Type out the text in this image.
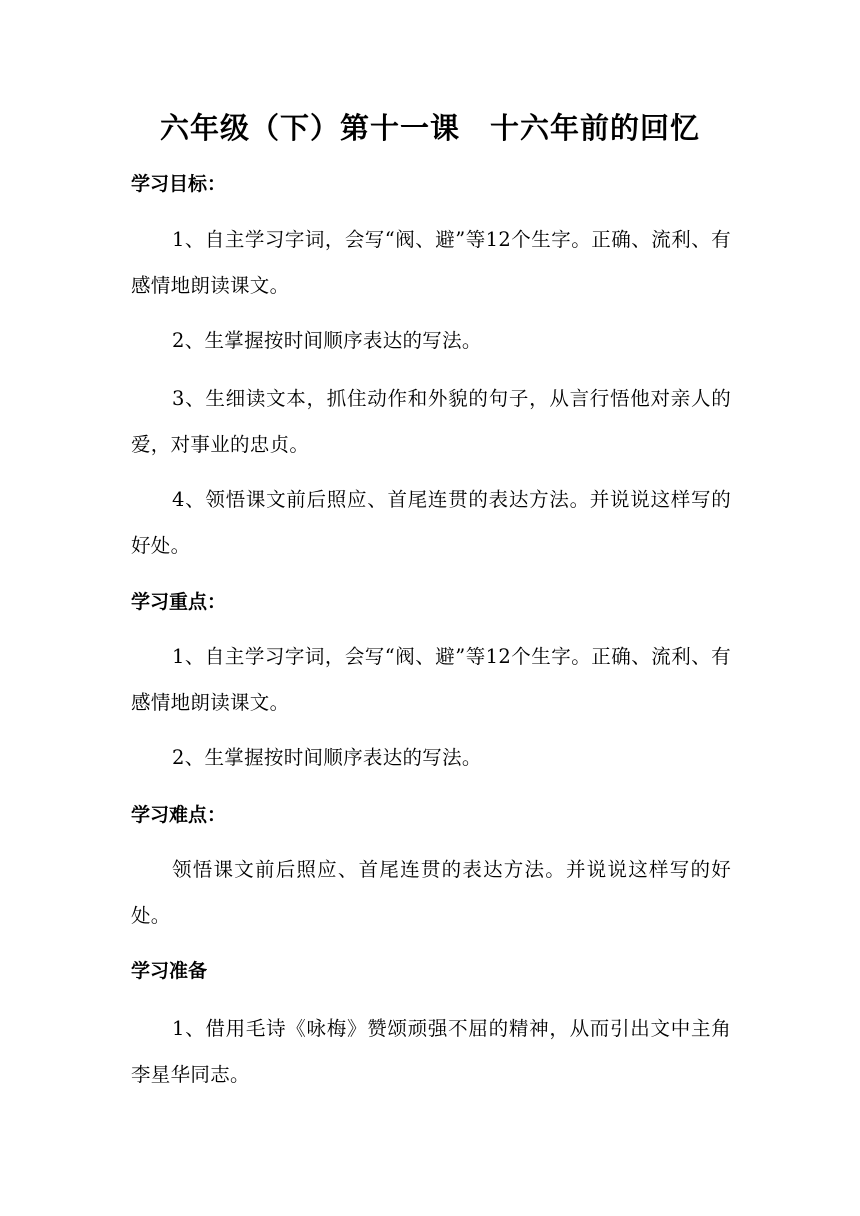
六年级（下）第十一课　十六年前的回忆
学习目标：
1、自主学习字词，会写“阀、避”等12个生字。正确、流利、有感情地朗读课文。
2、生掌握按时间顺序表达的写法。
3、生细读文本，抓住动作和外貌的句子，从言行悟他对亲人的爱，对事业的忠贞。
4、领悟课文前后照应、首尾连贯的表达方法。并说说这样写的好处。
学习重点：
1、自主学习字词，会写“阀、避”等12个生字。正确、流利、有感情地朗读课文。
2、生掌握按时间顺序表达的写法。
学习难点：
领悟课文前后照应、首尾连贯的表达方法。并说说这样写的好处。
学习准备
1、借用毛诗《咏梅》赞颂顽强不屈的精神，从而引出文中主角李星华同志。
